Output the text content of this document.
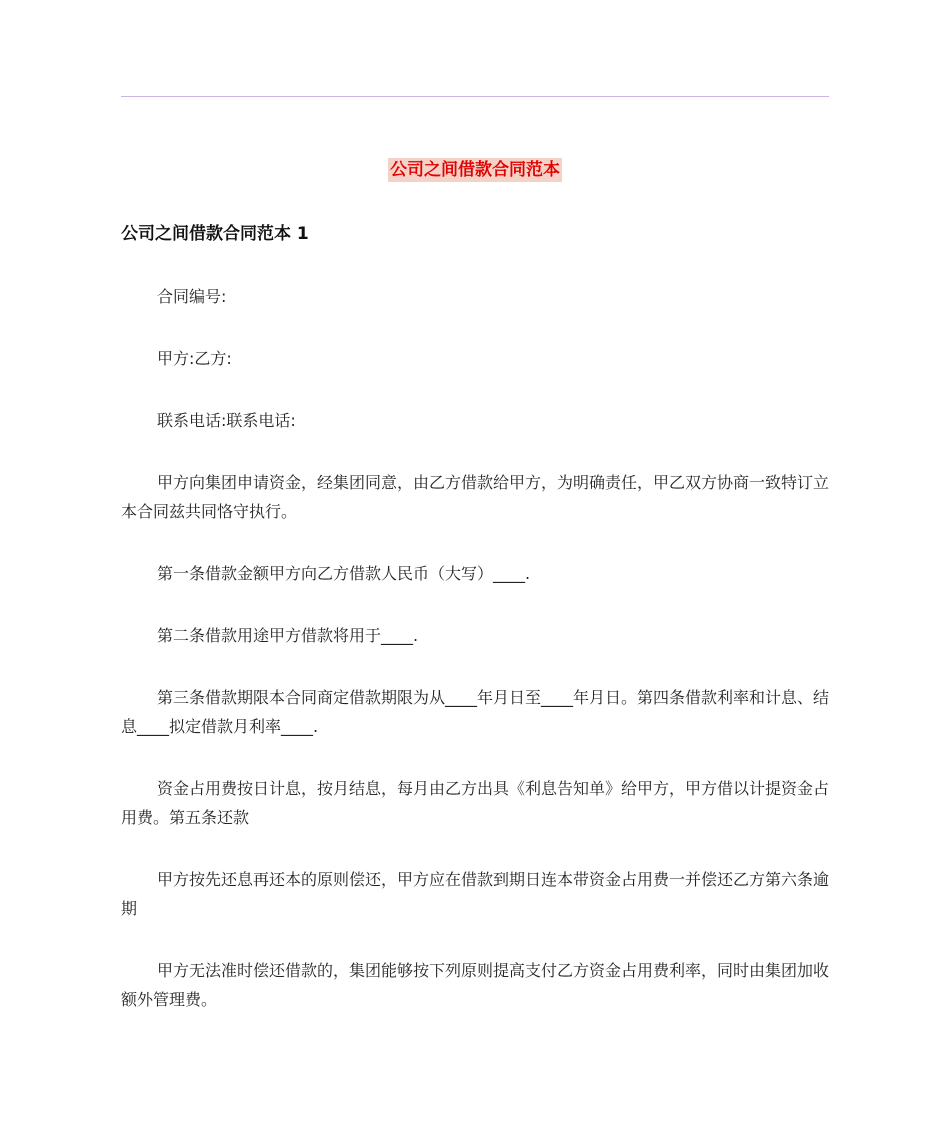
公司之间借款合同范本
公司之间借款合同范本 1

合同编号:

甲方:乙方:

联系电话:联系电话:

甲方向集团申请资金，经集团同意，由乙方借款给甲方，为明确责任，甲乙双方协商一致特订立本合同兹共同恪守执行。

第一条借款金额甲方向乙方借款人民币（大写）____.

第二条借款用途甲方借款将用于____.

第三条借款期限本合同商定借款期限为从____年月日至____年月日。第四条借款利率和计息、结息____拟定借款月利率____.

资金占用费按日计息，按月结息，每月由乙方出具《利息告知单》给甲方，甲方借以计提资金占用费。第五条还款

甲方按先还息再还本的原则偿还，甲方应在借款到期日连本带资金占用费一并偿还乙方第六条逾期

甲方无法准时偿还借款的，集团能够按下列原则提高支付乙方资金占用费利率，同时由集团加收额外管理费。
